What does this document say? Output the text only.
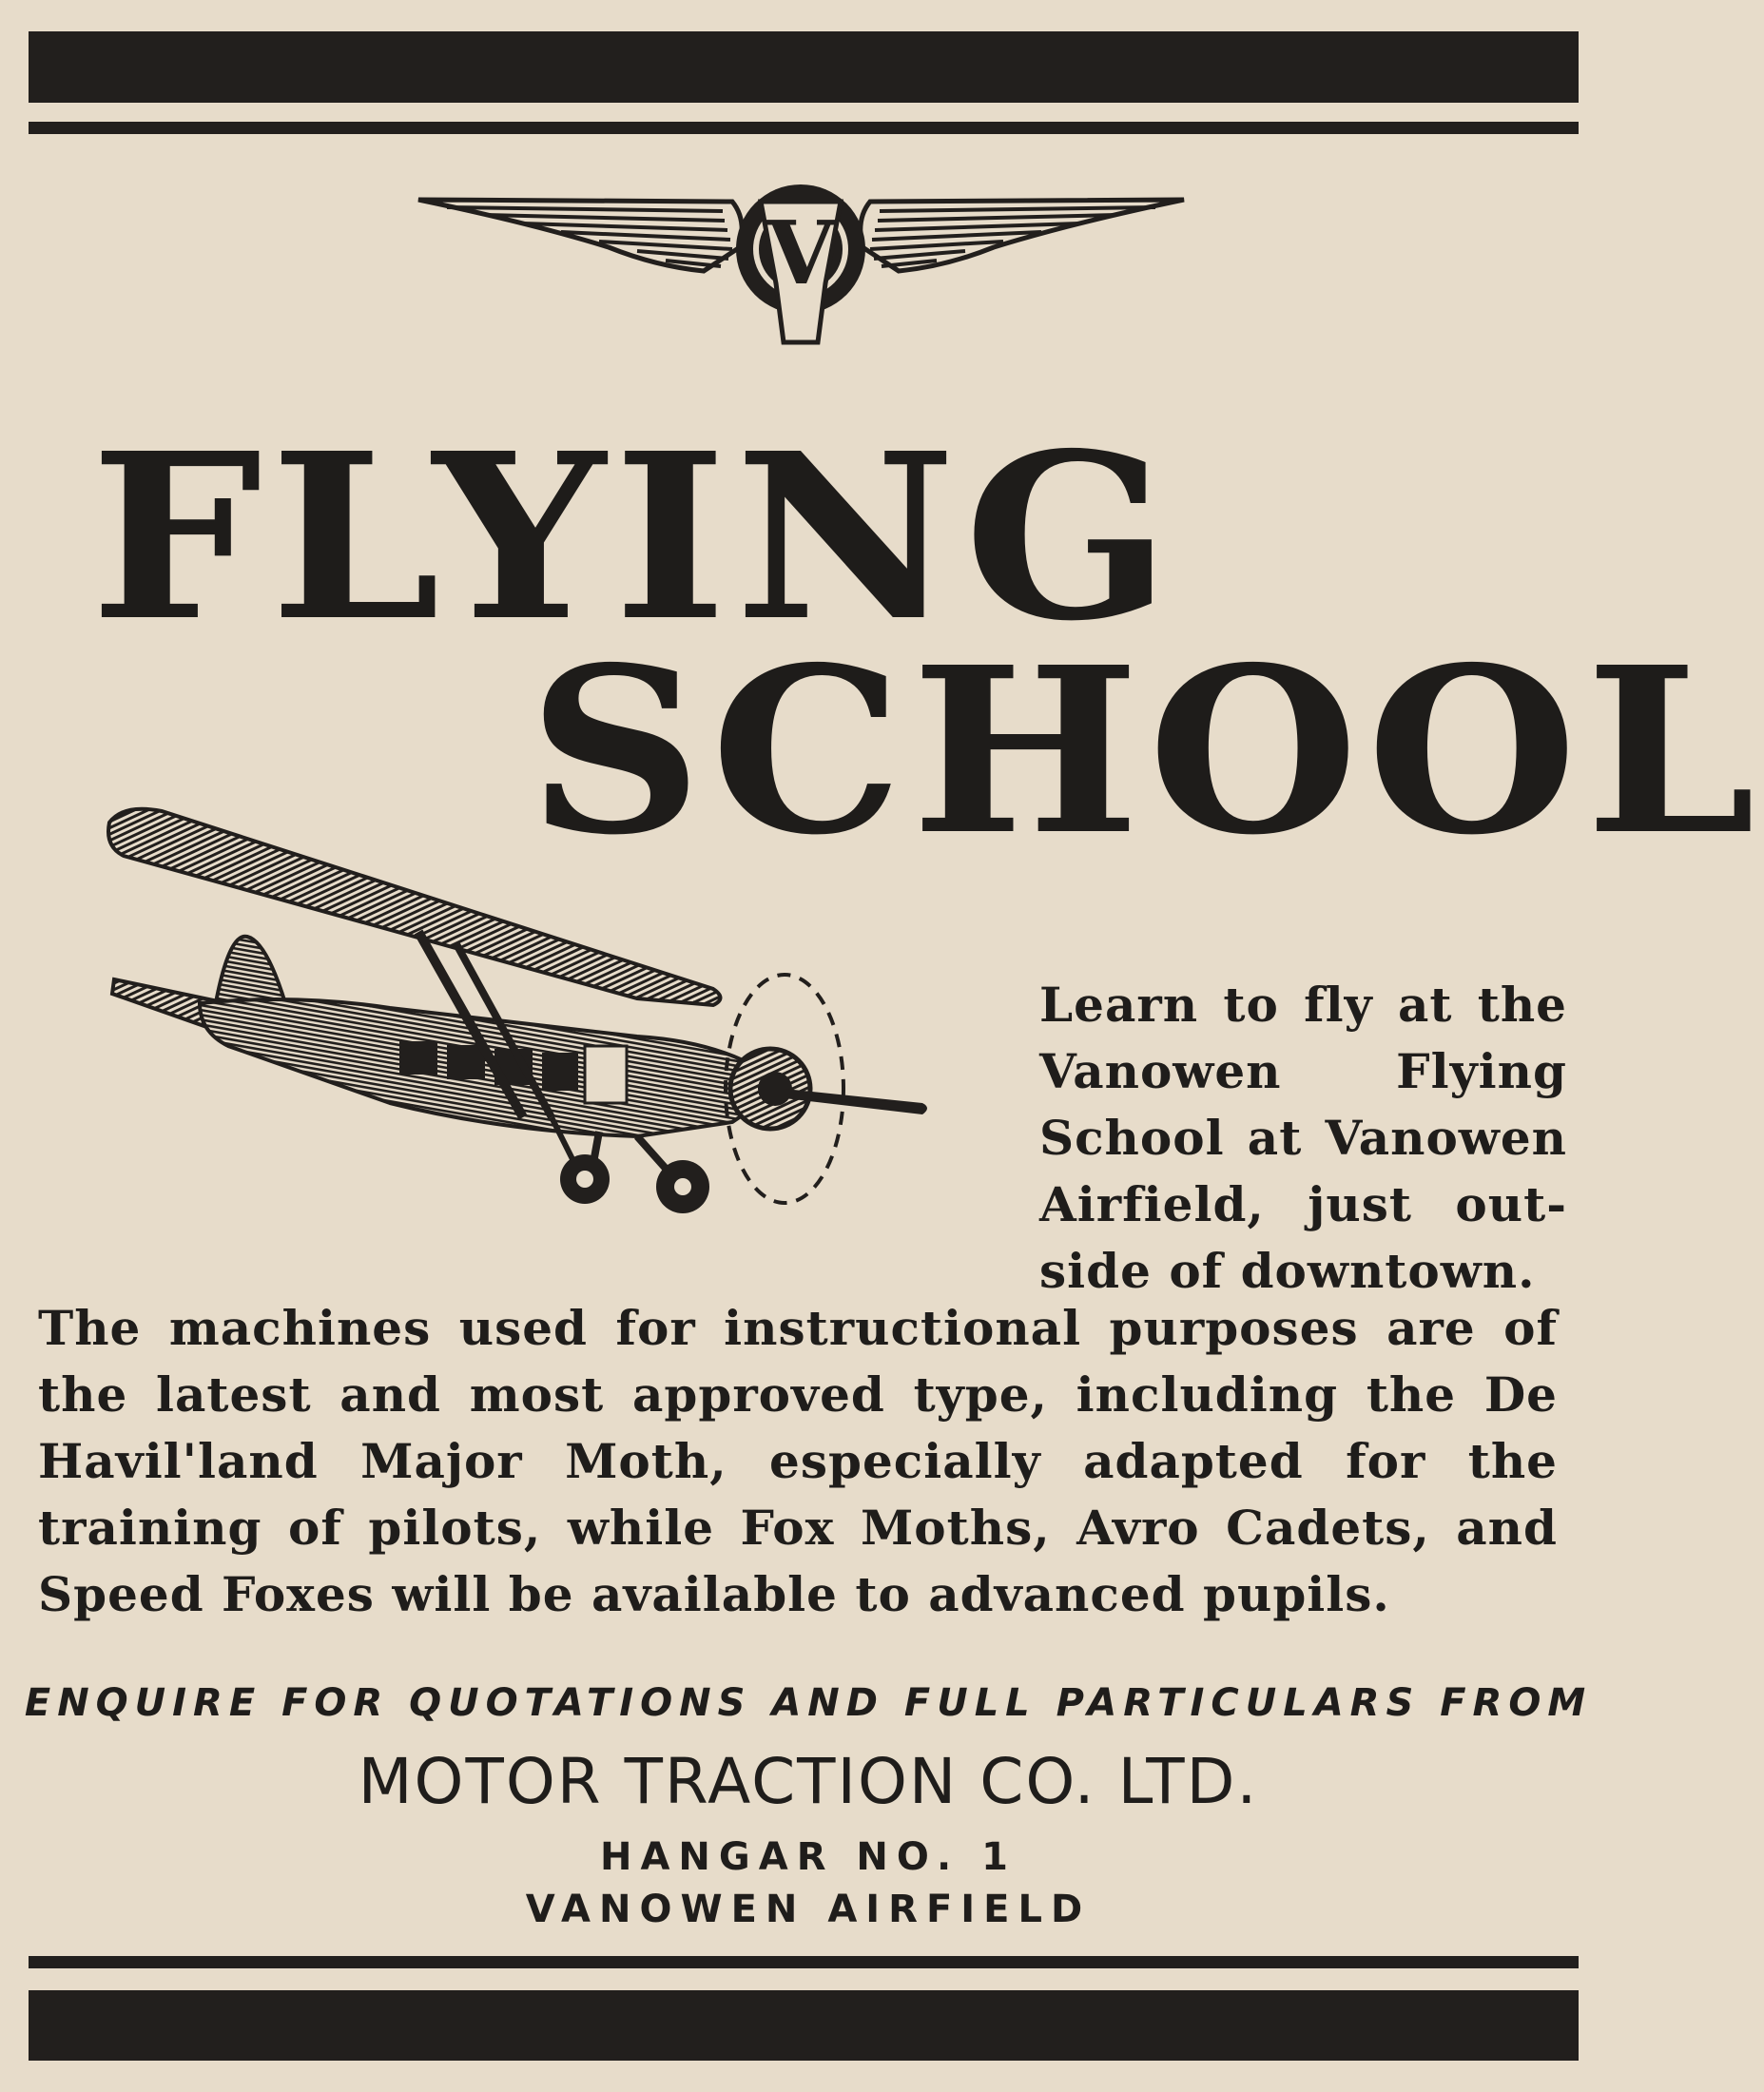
V
FLYING
SCHOOL

Learn to fly at the Vanowen Flying School at Vanowen Airfield, just out-side of downtown.

The machines used for instructional purposes are of the latest and most approved type, including the De Havil'land Major Moth, especially adapted for the training of pilots, while Fox Moths, Avro Cadets, and Speed Foxes will be available to advanced pupils.

ENQUIRE FOR QUOTATIONS AND FULL PARTICULARS FROM
MOTOR TRACTION CO. LTD.
HANGAR NO. 1
VANOWEN AIRFIELD
